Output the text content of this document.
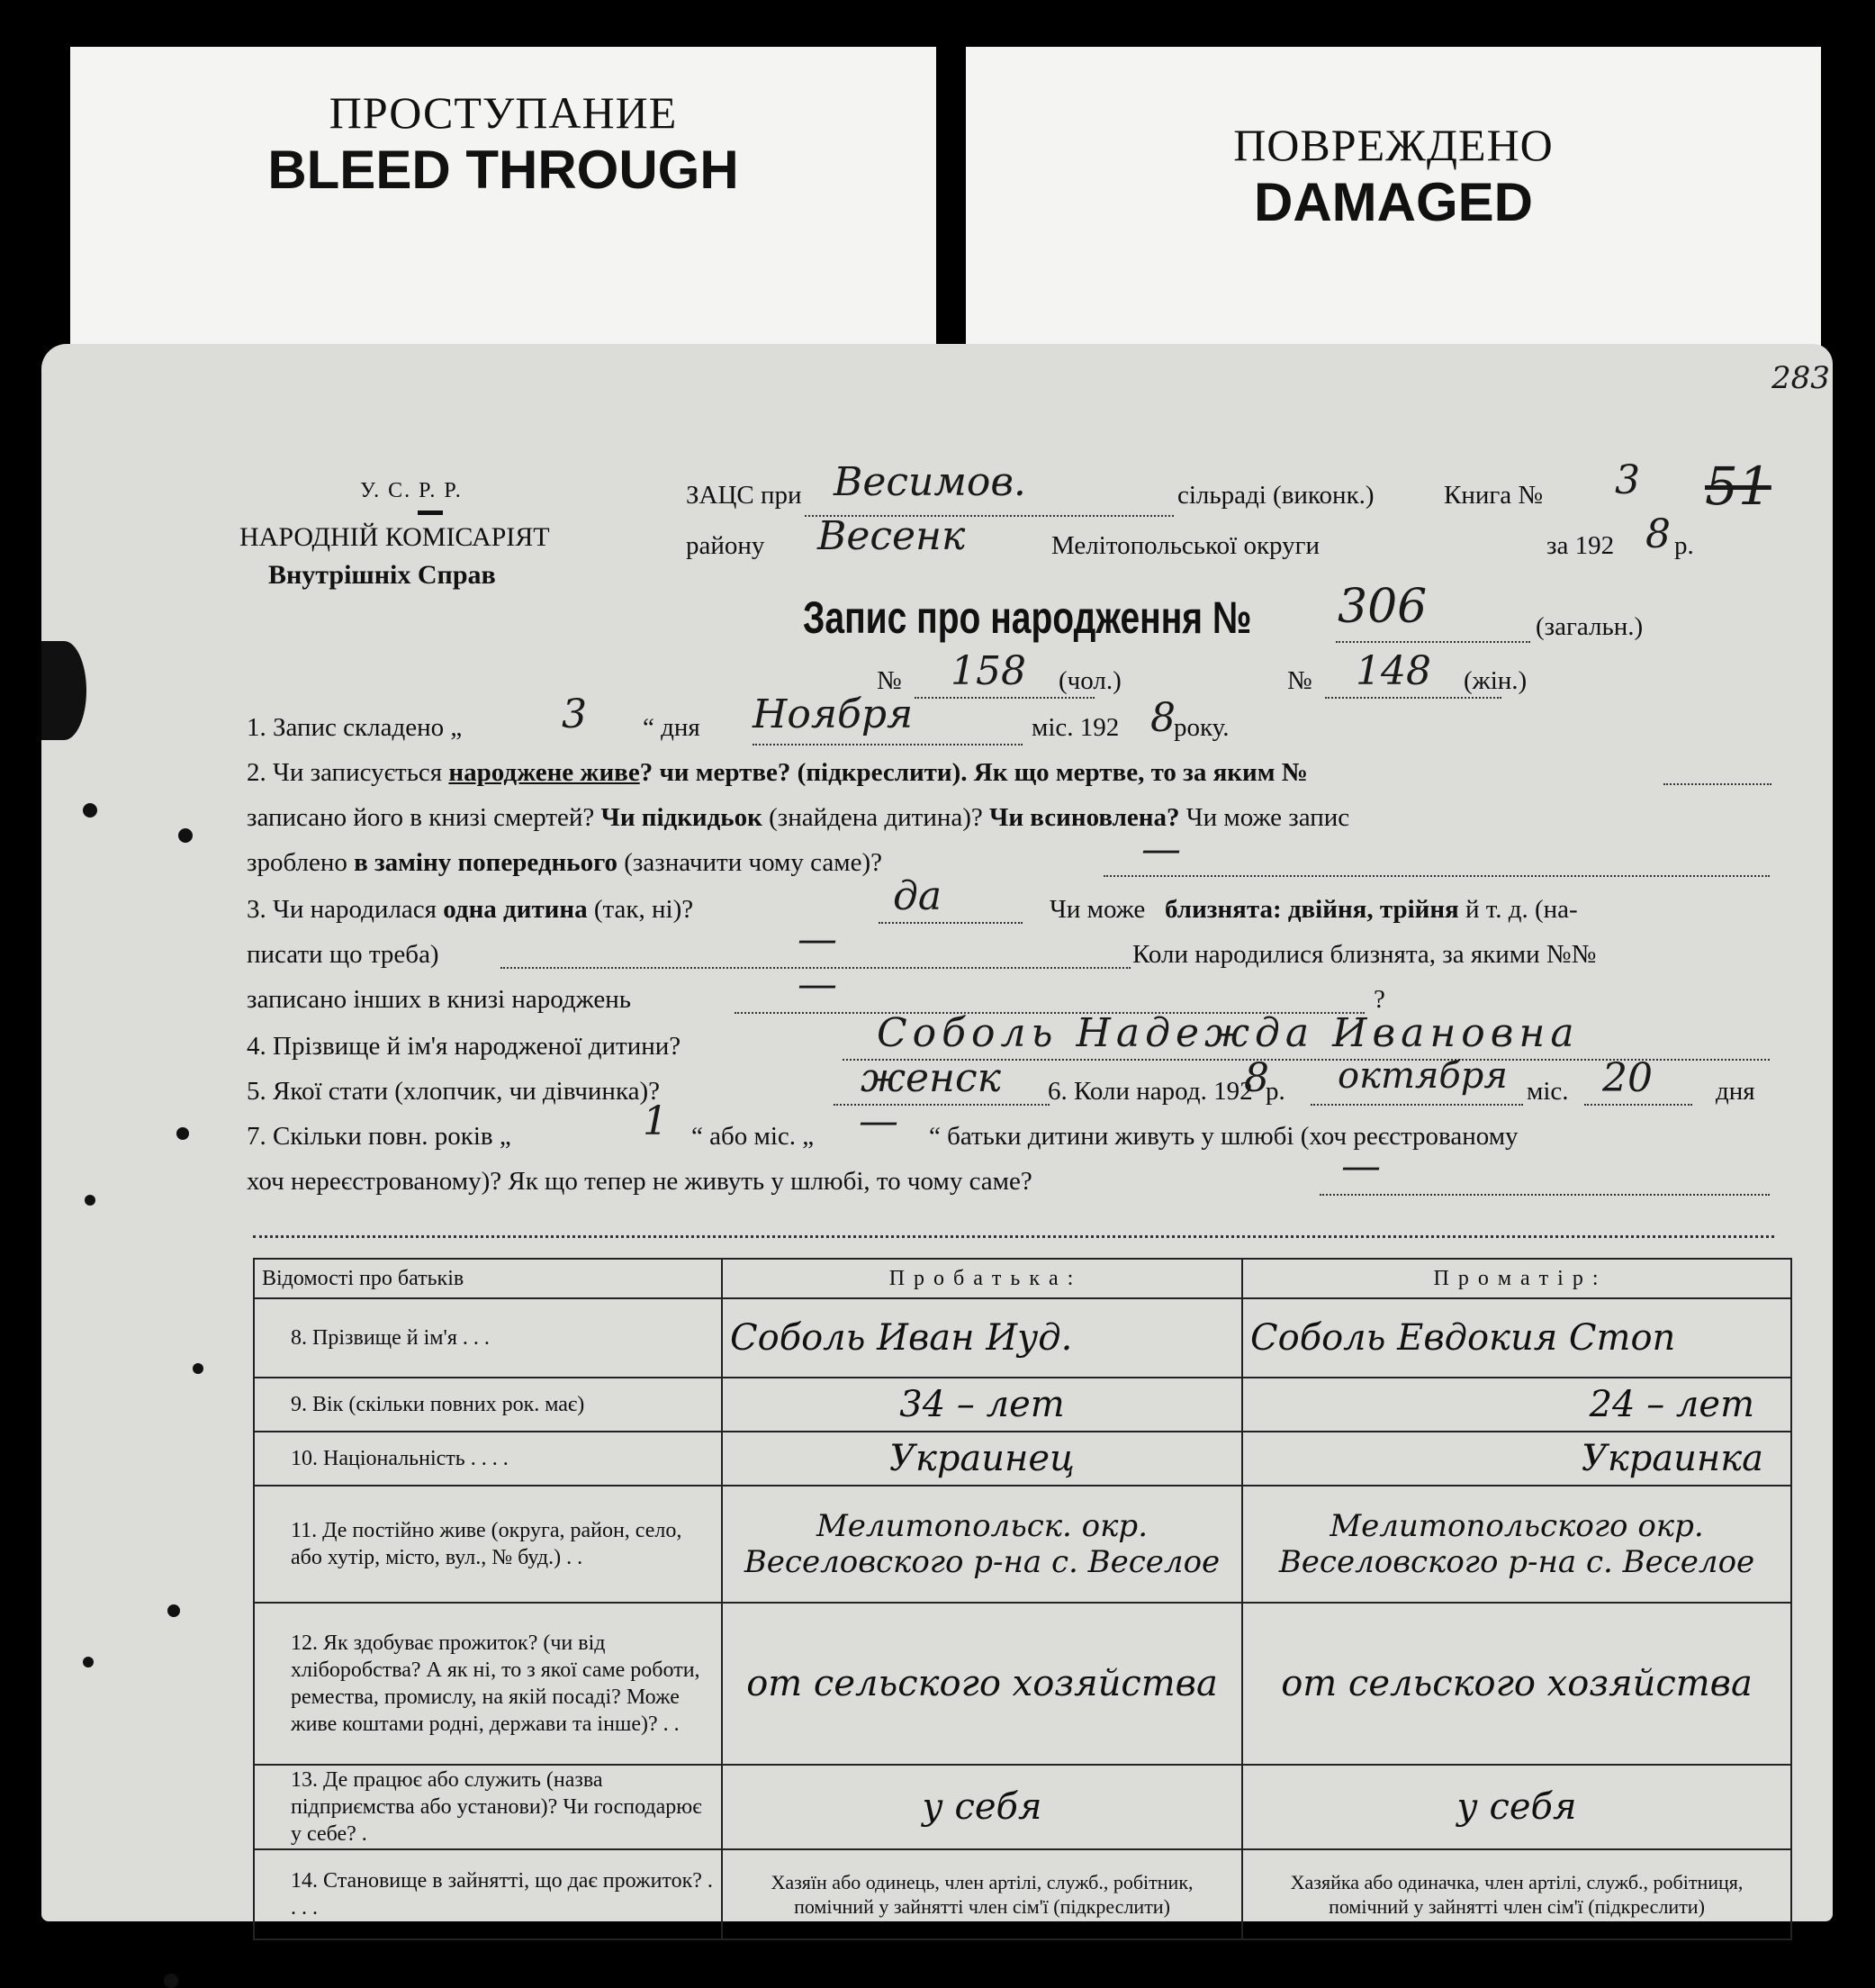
ПРОСТУПАНИЕ
BLEED THROUGH	ПОВРЕЖДЕНО
DAMAGED
283
У. С. Р. Р.
НАРОДНІЙ КОМІСАРІЯТ
Внутрішніх Справ
ЗАЦС при Весимов.	сільраді (виконк.)	Книга № 3 51
району Весенк	Мелітопольської округи	за 192 8 р.
Запис про народження № 306	(загальн.)
№ 158 (чол.)	№ 148 (жін.)
1. Запис складено „	3 “ дня Ноября	міс. 192 8
року.
2. Чи записується народжене живе? чи мертве? (підкреслити). Як що мертве, то за яким №
записано його в книзі смертей? Чи підкидьок (знайдена дитина)? Чи всиновлена? Чи може запис
зроблено в заміну попереднього (зазначити чому саме)?	—
3. Чи народилася одна дитина (так, ні)?	да	Чи може близнята: двійня, трійня й т. д. (на-
писати що треба)	—	Коли народилися близнята, за якими №№
записано інших в книзі народжень	—	?
4. Прізвище й ім'я народженої дитини?	Соболь Надежда Ивановна
5. Якої стати (хлопчик, чи дівчинка)?	женск 6. Коли народ. 192
8
р. октября міс. 20 дня
7. Скільки повн. років „	1 “ або міс. „ — “ батьки дитини живуть у шлюбі (хоч реєстрованому
хоч нереєстрованому)? Як що тепер не живуть у шлюбі, то чому саме?	—
Відомості про батьків	П р о б а т ь к а :	П р о м а т і р :
8. Прізвище й ім'я . . .	Соболь Иван Иуд.	Соболь Евдокия Стоп
9. Вік (скільки повних рок. має)	34 – лет	24 – лет
10. Національність . . . .	Украинец	Украинка
11. Де постійно живе (округа, район, село, або хутір, місто, вул., № буд.) . .	Мелитопольск. окр. Веселовского р-на с. Веселое	Мелитопольского окр. Веселовского р-на с. Веселое
12. Як здобуває прожиток? (чи від хліборобства? А як ні, то з якої саме роботи, ремества, промислу, на якій посаді? Може живе коштами родні, держави та інше)? . .	от сельского хозяйства	от сельского хозяйства
13. Де працює або служить (назва підприємства або установи)? Чи господарює у себе? .	у себя	у себя
14. Становище в зайнятті, що дає прожиток? . . . .	Хазяїн або одинець, член артілі, служб., робітник, помічний у зайнятті член сім'ї (підкреслити)	Хазяйка або одиначка, член артілі, служб., робітниця, помічний у зайнятті член сім'ї (підкреслити)
